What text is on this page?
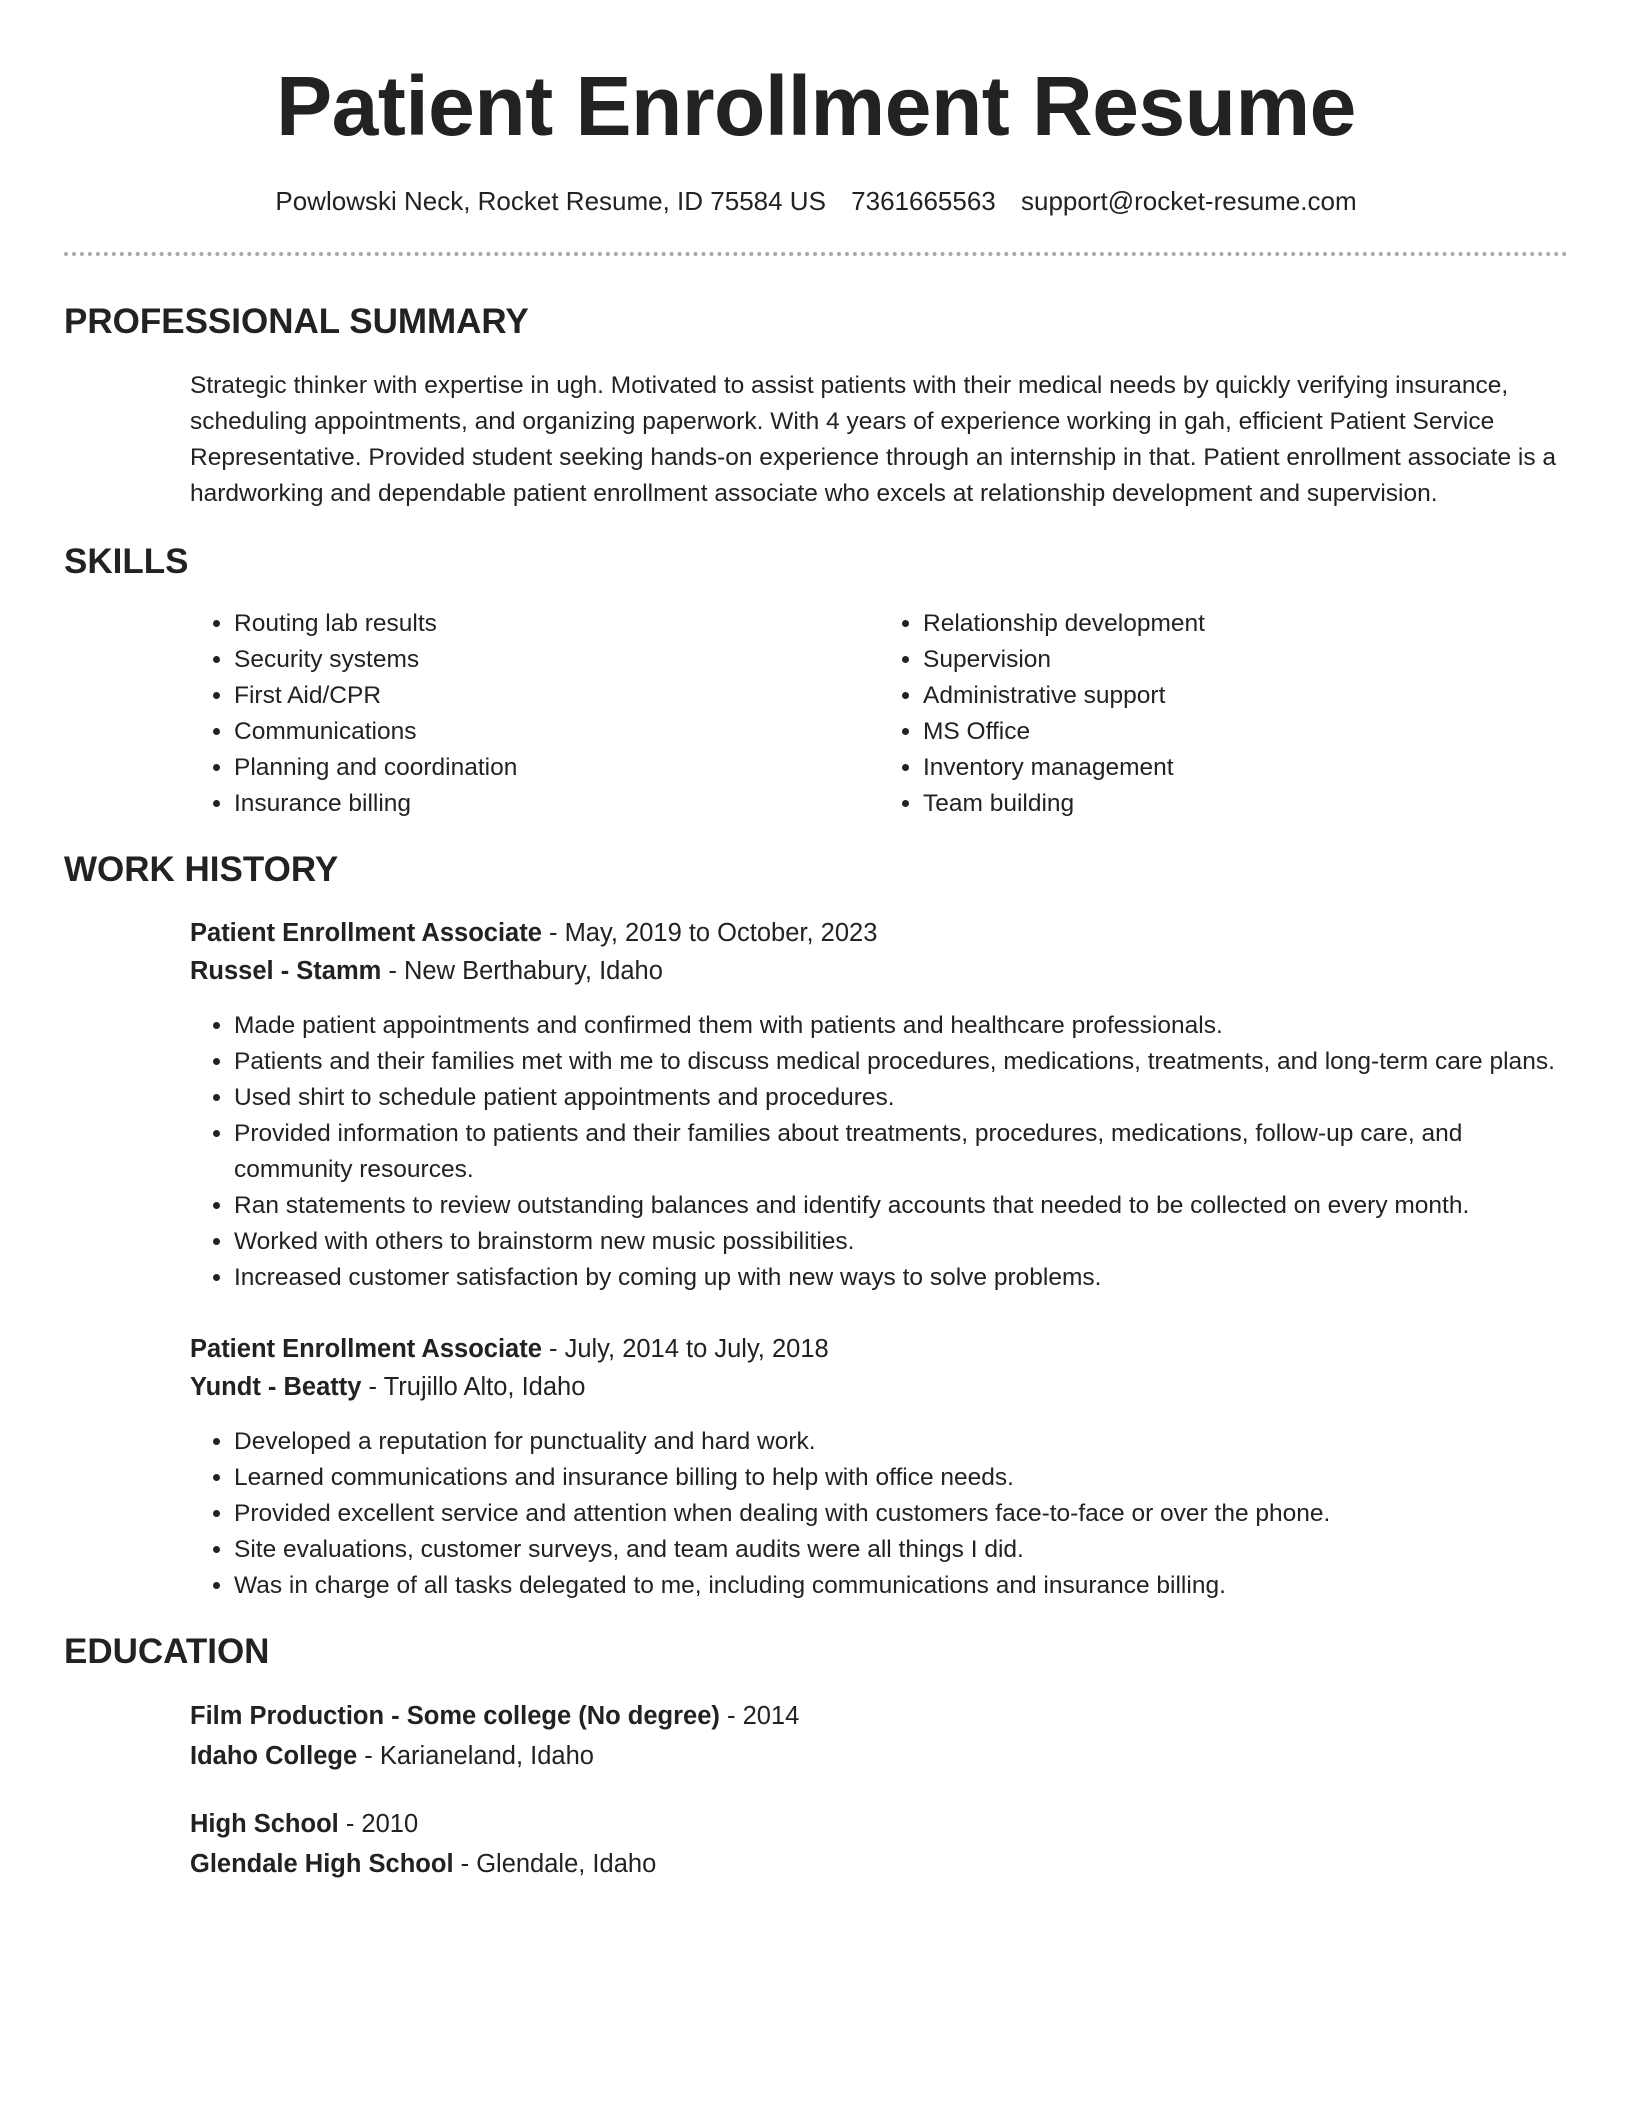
Patient Enrollment Resume
Powlowski Neck, Rocket Resume, ID 75584 US 7361665563 support@rocket-resume.com
PROFESSIONAL SUMMARY

Strategic thinker with expertise in ugh. Motivated to assist patients with their medical needs by quickly verifying insurance, scheduling appointments, and organizing paperwork. With 4 years of experience working in gah, efficient Patient Service Representative. Provided student seeking hands-on experience through an internship in that. Patient enrollment associate is a hardworking and dependable patient enrollment associate who excels at relationship development and supervision.

SKILLS
• Routing lab results
• Security systems
• First Aid/CPR
• Communications
• Planning and coordination
• Insurance billing
• Relationship development
• Supervision
• Administrative support
• MS Office
• Inventory management
• Team building
WORK HISTORY
Patient Enrollment Associate - May, 2019 to October, 2023
Russel - Stamm - New Berthabury, Idaho
• Made patient appointments and confirmed them with patients and healthcare professionals.
• Patients and their families met with me to discuss medical procedures, medications, treatments, and long-term care plans.
• Used shirt to schedule patient appointments and procedures.
• Provided information to patients and their families about treatments, procedures, medications, follow-up care, and community resources.
• Ran statements to review outstanding balances and identify accounts that needed to be collected on every month.
• Worked with others to brainstorm new music possibilities.
• Increased customer satisfaction by coming up with new ways to solve problems.
Patient Enrollment Associate - July, 2014 to July, 2018
Yundt - Beatty - Trujillo Alto, Idaho
• Developed a reputation for punctuality and hard work.
• Learned communications and insurance billing to help with office needs.
• Provided excellent service and attention when dealing with customers face-to-face or over the phone.
• Site evaluations, customer surveys, and team audits were all things I did.
• Was in charge of all tasks delegated to me, including communications and insurance billing.
EDUCATION
Film Production - Some college (No degree) - 2014
Idaho College - Karianeland, Idaho
High School - 2010
Glendale High School - Glendale, Idaho
